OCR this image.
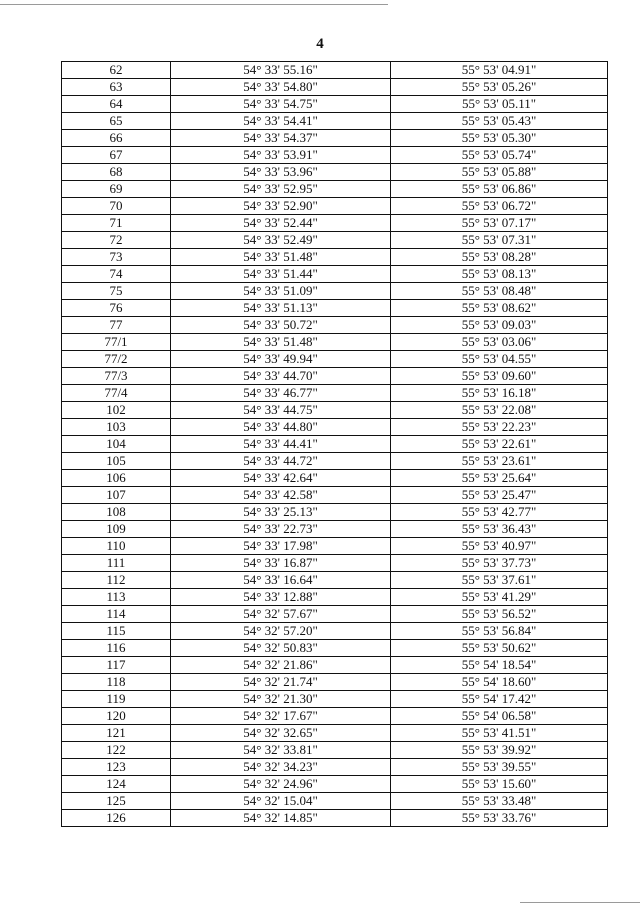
4
62	54° 33' 55.16"	55° 53' 04.91"
63	54° 33' 54.80"	55° 53' 05.26"
64	54° 33' 54.75"	55° 53' 05.11"
65	54° 33' 54.41"	55° 53' 05.43"
66	54° 33' 54.37"	55° 53' 05.30"
67	54° 33' 53.91"	55° 53' 05.74"
68	54° 33' 53.96"	55° 53' 05.88"
69	54° 33' 52.95"	55° 53' 06.86"
70	54° 33' 52.90"	55° 53' 06.72"
71	54° 33' 52.44"	55° 53' 07.17"
72	54° 33' 52.49"	55° 53' 07.31"
73	54° 33' 51.48"	55° 53' 08.28"
74	54° 33' 51.44"	55° 53' 08.13"
75	54° 33' 51.09"	55° 53' 08.48"
76	54° 33' 51.13"	55° 53' 08.62"
77	54° 33' 50.72"	55° 53' 09.03"
77/1	54° 33' 51.48"	55° 53' 03.06"
77/2	54° 33' 49.94"	55° 53' 04.55"
77/3	54° 33' 44.70"	55° 53' 09.60"
77/4	54° 33' 46.77"	55° 53' 16.18"
102	54° 33' 44.75"	55° 53' 22.08"
103	54° 33' 44.80"	55° 53' 22.23"
104	54° 33' 44.41"	55° 53' 22.61"
105	54° 33' 44.72"	55° 53' 23.61"
106	54° 33' 42.64"	55° 53' 25.64"
107	54° 33' 42.58"	55° 53' 25.47"
108	54° 33' 25.13"	55° 53' 42.77"
109	54° 33' 22.73"	55° 53' 36.43"
110	54° 33' 17.98"	55° 53' 40.97"
111	54° 33' 16.87"	55° 53' 37.73"
112	54° 33' 16.64"	55° 53' 37.61"
113	54° 33' 12.88"	55° 53' 41.29"
114	54° 32' 57.67"	55° 53' 56.52"
115	54° 32' 57.20"	55° 53' 56.84"
116	54° 32' 50.83"	55° 53' 50.62"
117	54° 32' 21.86"	55° 54' 18.54"
118	54° 32' 21.74"	55° 54' 18.60"
119	54° 32' 21.30"	55° 54' 17.42"
120	54° 32' 17.67"	55° 54' 06.58"
121	54° 32' 32.65"	55° 53' 41.51"
122	54° 32' 33.81"	55° 53' 39.92"
123	54° 32' 34.23"	55° 53' 39.55"
124	54° 32' 24.96"	55° 53' 15.60"
125	54° 32' 15.04"	55° 53' 33.48"
126	54° 32' 14.85"	55° 53' 33.76"
